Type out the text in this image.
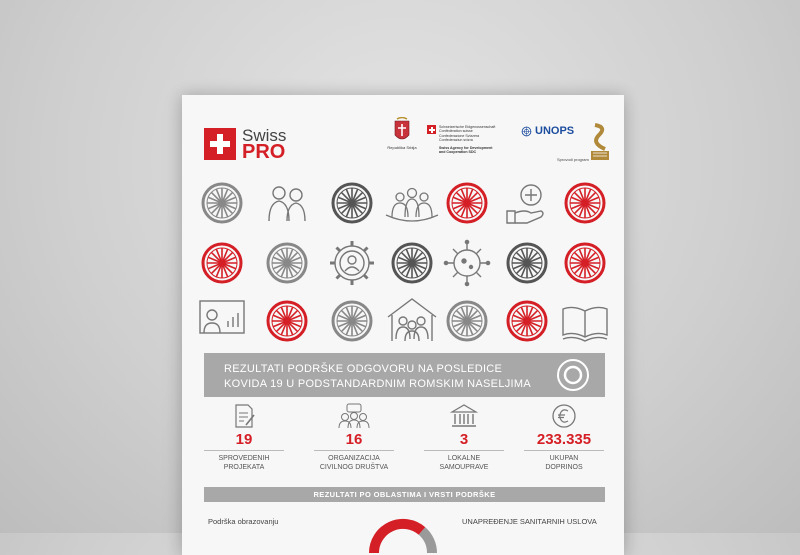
Swiss
PRO	Republika Srbija
Schweizerische Eidgenossenschaft
Confédération suisse
Confederazione Svizzera
Confederaziun svizra
Swiss Agency for Development
and Cooperation SDC
UNOPS
Sprovodi program
REZULTATI PODRŠKE ODGOVORU NA POSLEDICE
KOVIDA 19 U PODSTANDARDNIM ROMSKIM NASELJIMA
19
SPROVEDENIH
PROJEKATA
16
ORGANIZACIJA
CIVILNOG DRUŠTVA
3
LOKALNE
SAMOUPRAVE
233.335
UKUPAN
DOPRINOS
REZULTATI PO OBLASTIMA I VRSTI PODRŠKE
Podrška obrazovanju	UNAPREĐENJE SANITARNIH USLOVA
